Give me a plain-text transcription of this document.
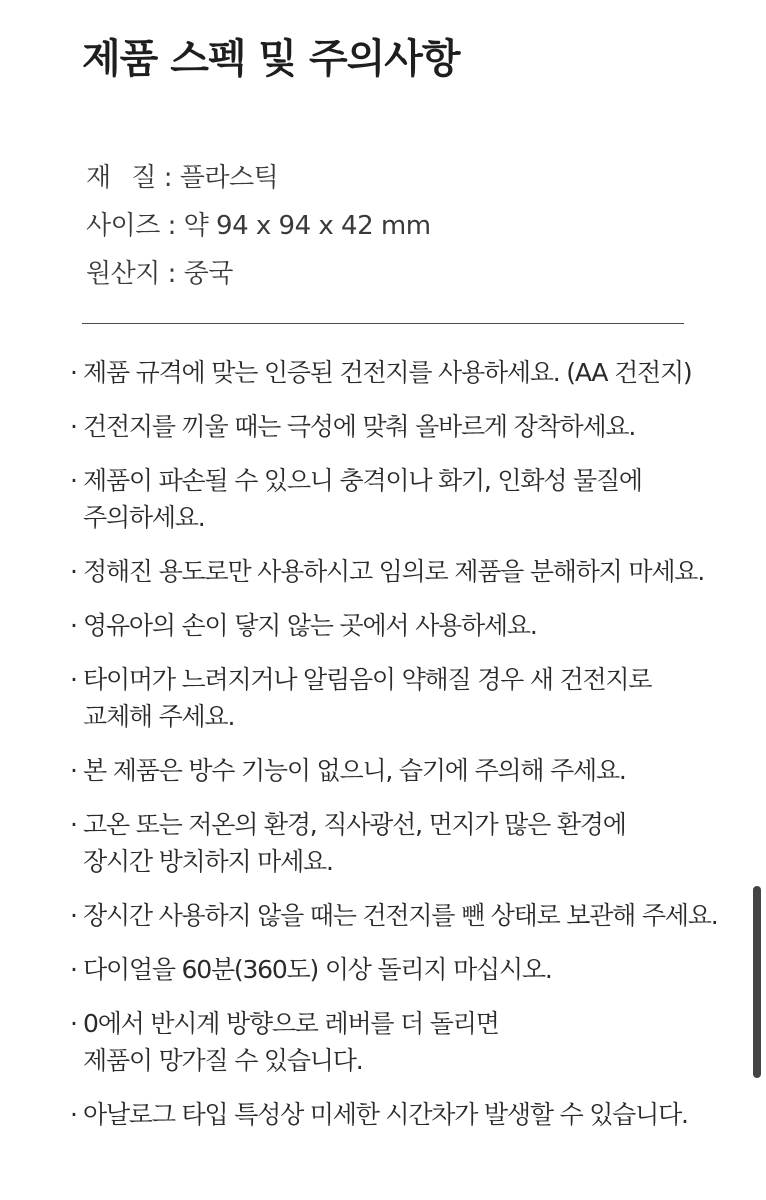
제품 스펙 및 주의사항
재 질 : 플라스틱
사이즈 : 약 94 x 94 x 42 mm
원산지 : 중국
· 제품 규격에 맞는 인증된 건전지를 사용하세요. (AA 건전지)
· 건전지를 끼울 때는 극성에 맞춰 올바르게 장착하세요.
· 제품이 파손될 수 있으니 충격이나 화기, 인화성 물질에
주의하세요.
· 정해진 용도로만 사용하시고 임의로 제품을 분해하지 마세요.
· 영유아의 손이 닿지 않는 곳에서 사용하세요.
· 타이머가 느려지거나 알림음이 약해질 경우 새 건전지로
교체해 주세요.
· 본 제품은 방수 기능이 없으니, 습기에 주의해 주세요.
· 고온 또는 저온의 환경, 직사광선, 먼지가 많은 환경에
장시간 방치하지 마세요.
· 장시간 사용하지 않을 때는 건전지를 뺀 상태로 보관해 주세요.
· 다이얼을 60분(360도) 이상 돌리지 마십시오.
· 0에서 반시계 방향으로 레버를 더 돌리면
제품이 망가질 수 있습니다.
· 아날로그 타입 특성상 미세한 시간차가 발생할 수 있습니다.
